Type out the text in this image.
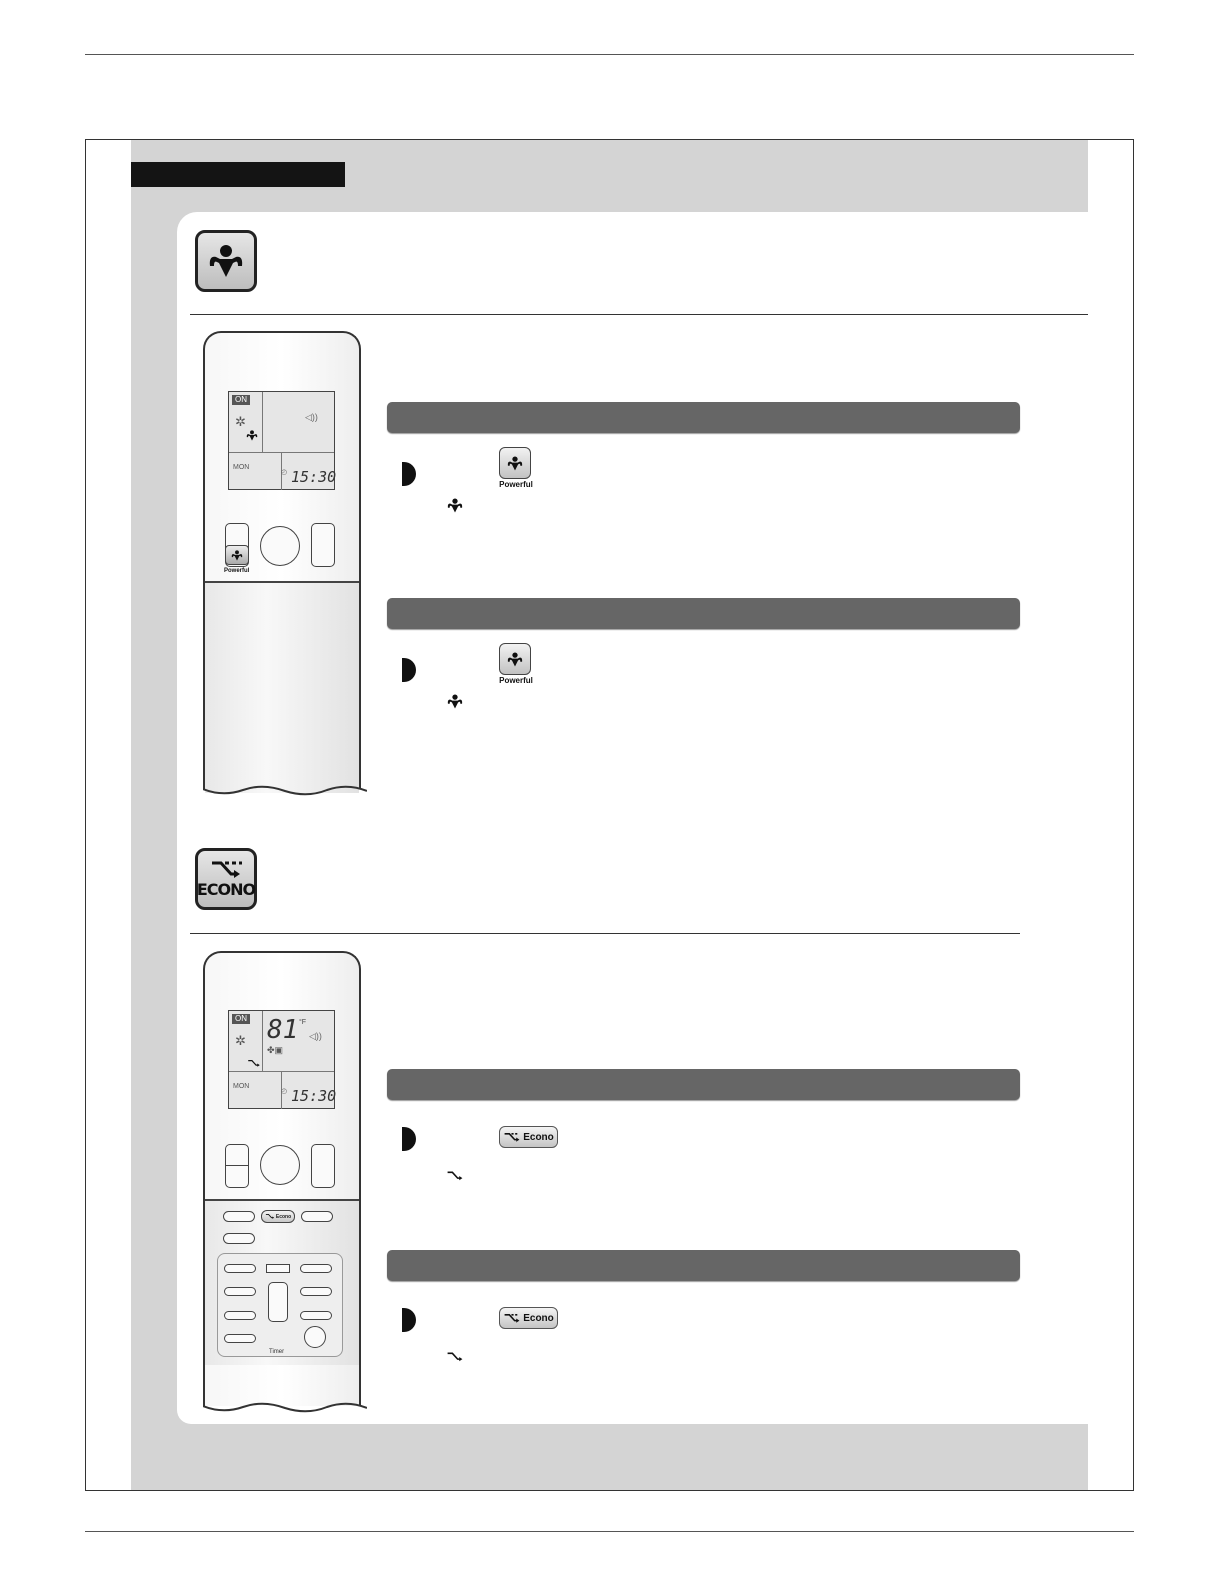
ON
✲	◁))
MON
◴ 15:30
Powerful
Powerful
Powerful
ECONO
ON
✲ 81 °F
◁))
✤▣
MON
◴ 15:30
Econo
Timer
Econo
Econo
